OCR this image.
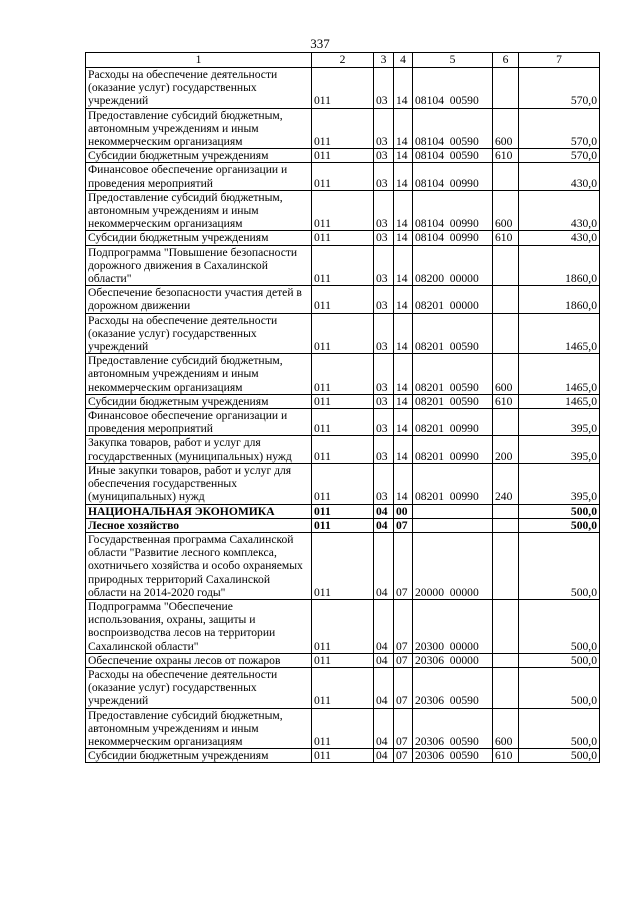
337
1	2	3	4	5	6	7
Расходы на обеспечение деятельности (оказание услуг) государственных учреждений	011	03	14	08104  00590		570,0
Предоставление субсидий бюджетным, автономным учреждениям и иным некоммерческим организациям	011	03	14	08104  00590	600	570,0
Субсидии бюджетным учреждениям	011	03	14	08104  00590	610	570,0
Финансовое обеспечение организации и проведения мероприятий	011	03	14	08104  00990		430,0
Предоставление субсидий бюджетным, автономным учреждениям и иным некоммерческим организациям	011	03	14	08104  00990	600	430,0
Субсидии бюджетным учреждениям	011	03	14	08104  00990	610	430,0
Подпрограмма "Повышение безопасности дорожного движения в Сахалинской области"	011	03	14	08200  00000		1860,0
Обеспечение безопасности участия детей в дорожном движении	011	03	14	08201  00000		1860,0
Расходы на обеспечение деятельности (оказание услуг) государственных учреждений	011	03	14	08201  00590		1465,0
Предоставление субсидий бюджетным, автономным учреждениям и иным некоммерческим организациям	011	03	14	08201  00590	600	1465,0
Субсидии бюджетным учреждениям	011	03	14	08201  00590	610	1465,0
Финансовое обеспечение организации и проведения мероприятий	011	03	14	08201  00990		395,0
Закупка товаров, работ и услуг для государственных (муниципальных) нужд	011	03	14	08201  00990	200	395,0
Иные закупки товаров, работ и услуг для обеспечения государственных (муниципальных) нужд	011	03	14	08201  00990	240	395,0
НАЦИОНАЛЬНАЯ ЭКОНОМИКА	011	04	00			500,0
Лесное хозяйство	011	04	07			500,0
Государственная программа Сахалинской области "Развитие лесного комплекса, охотничьего хозяйства и особо охраняемых природных территорий Сахалинской области на 2014-2020 годы"	011	04	07	20000  00000		500,0
Подпрограмма "Обеспечение использования, охраны, защиты и воспроизводства лесов на территории Сахалинской области"	011	04	07	20300  00000		500,0
Обеспечение охраны лесов от пожаров	011	04	07	20306  00000		500,0
Расходы на обеспечение деятельности (оказание услуг) государственных учреждений	011	04	07	20306  00590		500,0
Предоставление субсидий бюджетным, автономным учреждениям и иным некоммерческим организациям	011	04	07	20306  00590	600	500,0
Субсидии бюджетным учреждениям	011	04	07	20306  00590	610	500,0
